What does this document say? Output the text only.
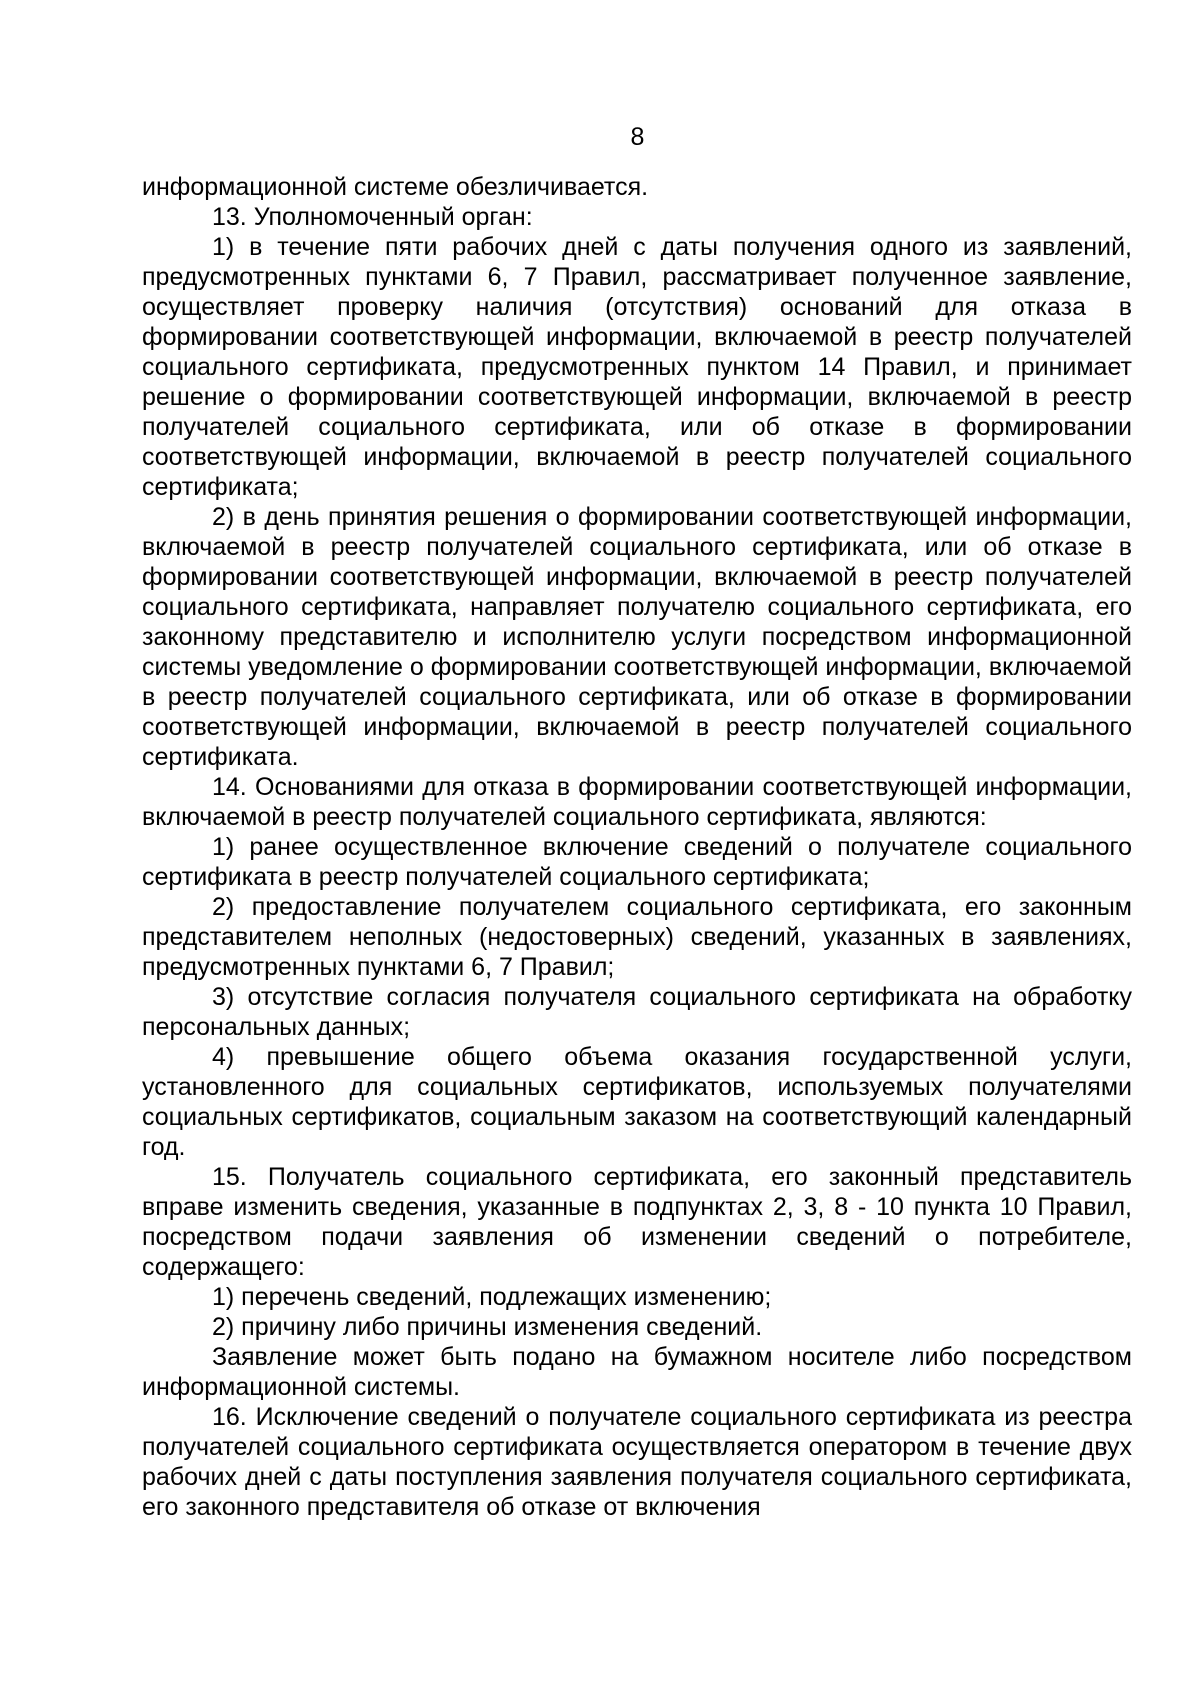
8

информационной системе обезличивается.

13. Уполномоченный орган:

1) в течение пяти рабочих дней с даты получения одного из заявлений, предусмотренных пунктами 6, 7 Правил, рассматривает полученное заявление, осуществляет проверку наличия (отсутствия) оснований для отказа в формировании соответствующей информации, включаемой в реестр получателей социального сертификата, предусмотренных пунктом 14 Правил, и принимает решение о формировании соответствующей информации, включаемой в реестр получателей социального сертификата, или об отказе в формировании соответствующей информации, включаемой в реестр получателей социального сертификата;

2) в день принятия решения о формировании соответствующей информации, включаемой в реестр получателей социального сертификата, или об отказе в формировании соответствующей информации, включаемой в реестр получателей социального сертификата, направляет получателю социального сертификата, его законному представителю и исполнителю услуги посредством информационной системы уведомление о формировании соответствующей информации, включаемой в реестр получателей социального сертификата, или об отказе в формировании соответствующей информации, включаемой в реестр получателей социального сертификата.

14. Основаниями для отказа в формировании соответствующей информации, включаемой в реестр получателей социального сертификата, являются:

1) ранее осуществленное включение сведений о получателе социального сертификата в реестр получателей социального сертификата;

2) предоставление получателем социального сертификата, его законным представителем неполных (недостоверных) сведений, указанных в заявлениях, предусмотренных пунктами 6, 7 Правил;

3) отсутствие согласия получателя социального сертификата на обработку персональных данных;

4) превышение общего объема оказания государственной услуги, установленного для социальных сертификатов, используемых получателями социальных сертификатов, социальным заказом на соответствующий календарный год.

15. Получатель социального сертификата, его законный представитель вправе изменить сведения, указанные в подпунктах 2, 3, 8 - 10 пункта 10 Правил, посредством подачи заявления об изменении сведений о потребителе, содержащего:

1) перечень сведений, подлежащих изменению;

2) причину либо причины изменения сведений.

Заявление может быть подано на бумажном носителе либо посредством информационной системы.

16. Исключение сведений о получателе социального сертификата из реестра получателей социального сертификата осуществляется оператором в течение двух рабочих дней с даты поступления заявления получателя социального сертификата, его законного представителя об отказе от включения
